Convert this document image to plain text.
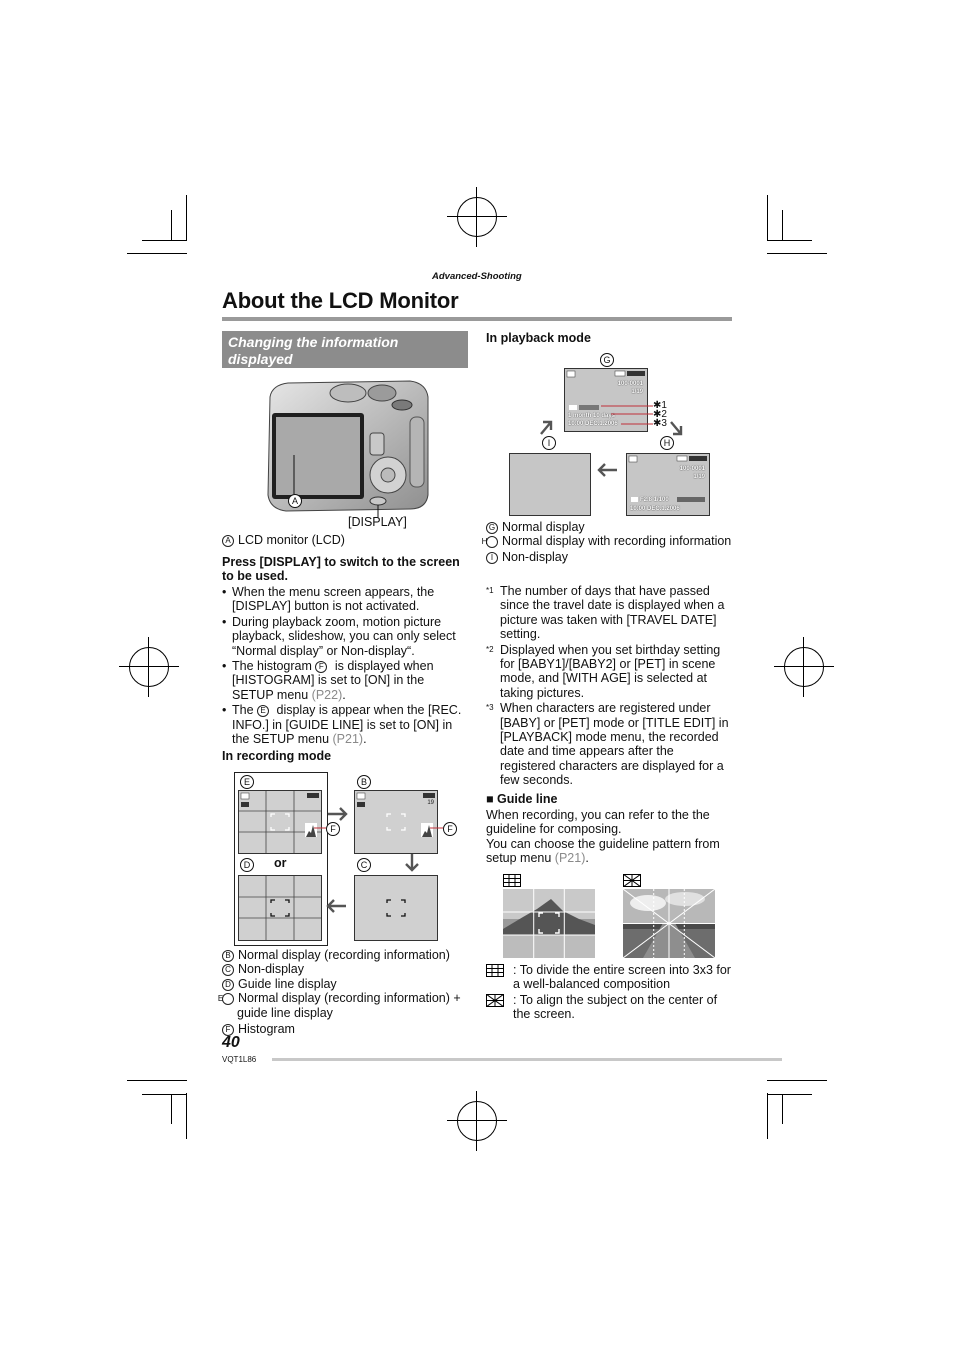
Advanced-Shooting
About the LCD Monitor
Changing the information displayed
A
[DISPLAY]
A LCD monitor (LCD)
Press [DISPLAY] to switch to the screen to be used.
• When the menu screen appears, the [DISPLAY] button is not activated.
• During playback zoom, motion picture playback, slideshow, you can only select “Normal display” or Non-display“.
• The histogram F is displayed when [HISTOGRAM] is set to [ON] in the SETUP menu (P22).
• The E display is appear when the [REC. INFO.] in [GUIDE LINE] is set to [ON] in the SETUP menu (P21).
In recording mode
E	B
D	C
or
19
F	F
B Normal display (recording information)
C Non-display
D Guide line display
E Normal display (recording information) + guide line display
F Histogram
In playback mode
G
I	H
100-0001
1/19
1 month 10 days
10:00 DEC.1.2006
✱1
✱2
✱3
100-0001
1/19
F2.8 1/100
10:00 DEC.1.2006
G Normal display
H Normal display with recording information
I Non-display
*1 The number of days that have passed since the travel date is displayed when a picture was taken with [TRAVEL DATE] setting.
*2 Displayed when you set birthday setting for [BABY1]/[BABY2] or [PET] in scene mode, and [WITH AGE] is selected at taking pictures.
*3 When characters are registered under [BABY] or [PET] mode or [TITLE EDIT] in [PLAYBACK] mode menu, the recorded date and time appears after the registered characters are displayed for a few seconds.
■ Guide line
When recording, you can refer to the the guideline for composing.
You can choose the guideline pattern from setup menu (P21).
: To divide the entire screen into 3x3 for a well-balanced composition
: To align the subject on the center of the screen.
40
VQT1L86
